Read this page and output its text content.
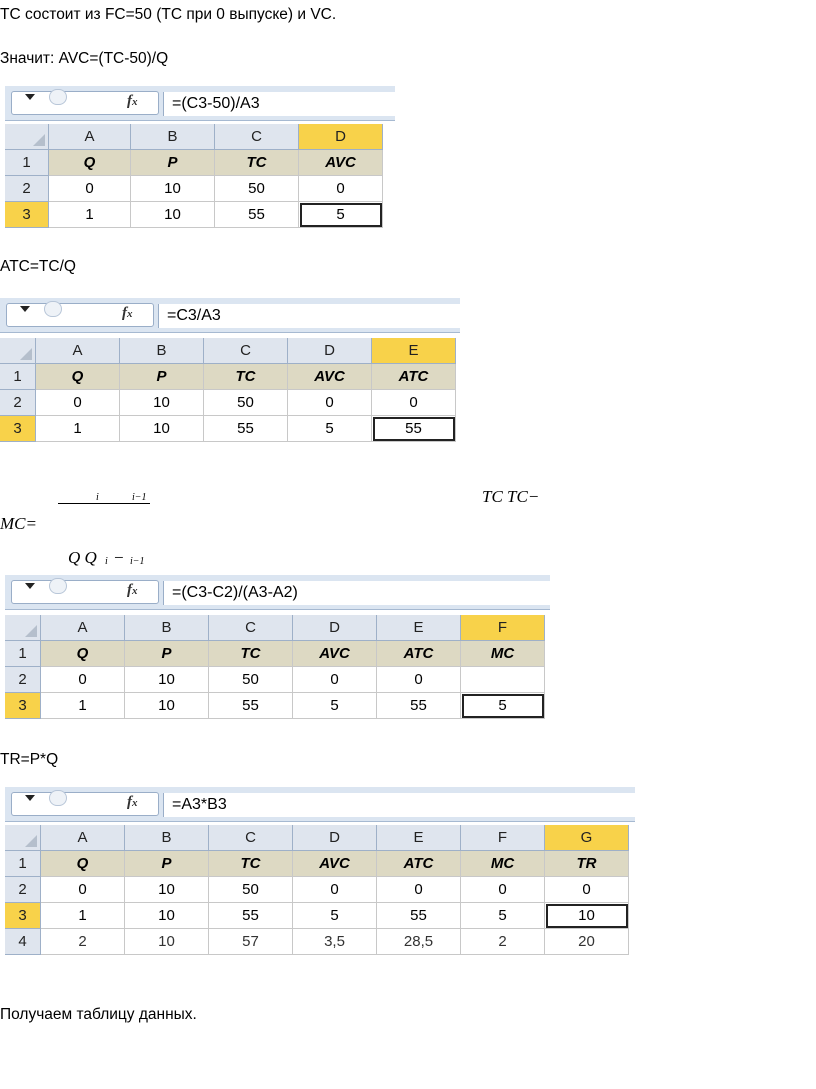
ТС состоит из FC=50 (ТС при 0 выпуске) и VC.
Значит: AVC=(TC-50)/Q
fx	=(C3-50)/A3
A	B	C	D
1	Q	P	TC	AVC
2	0	10	50	0
3	1	10	55	5
ATC=TC/Q
fx	=C3/A3
A	B	C	D	E
1	Q	P	TC	AVC	ATC
2	0	10	50	0	0
3	1	10	55	5	55
i	i−1	TC TC−
MC=
Q Q i − i−1
fx	=(C3-C2)/(A3-A2)
A	B	C	D	E	F
1	Q	P	TC	AVC	ATC	MC
2	0	10	50	0	0
3	1	10	55	5	55	5
TR=P*Q
fx	=A3*B3
A	B	C	D	E	F	G
1	Q	P	TC	AVC	ATC	MC	TR
2	0	10	50	0	0	0	0
3	1	10	55	5	55	5	10
4	2	10	57	3,5	28,5	2	20
Получаем таблицу данных.
